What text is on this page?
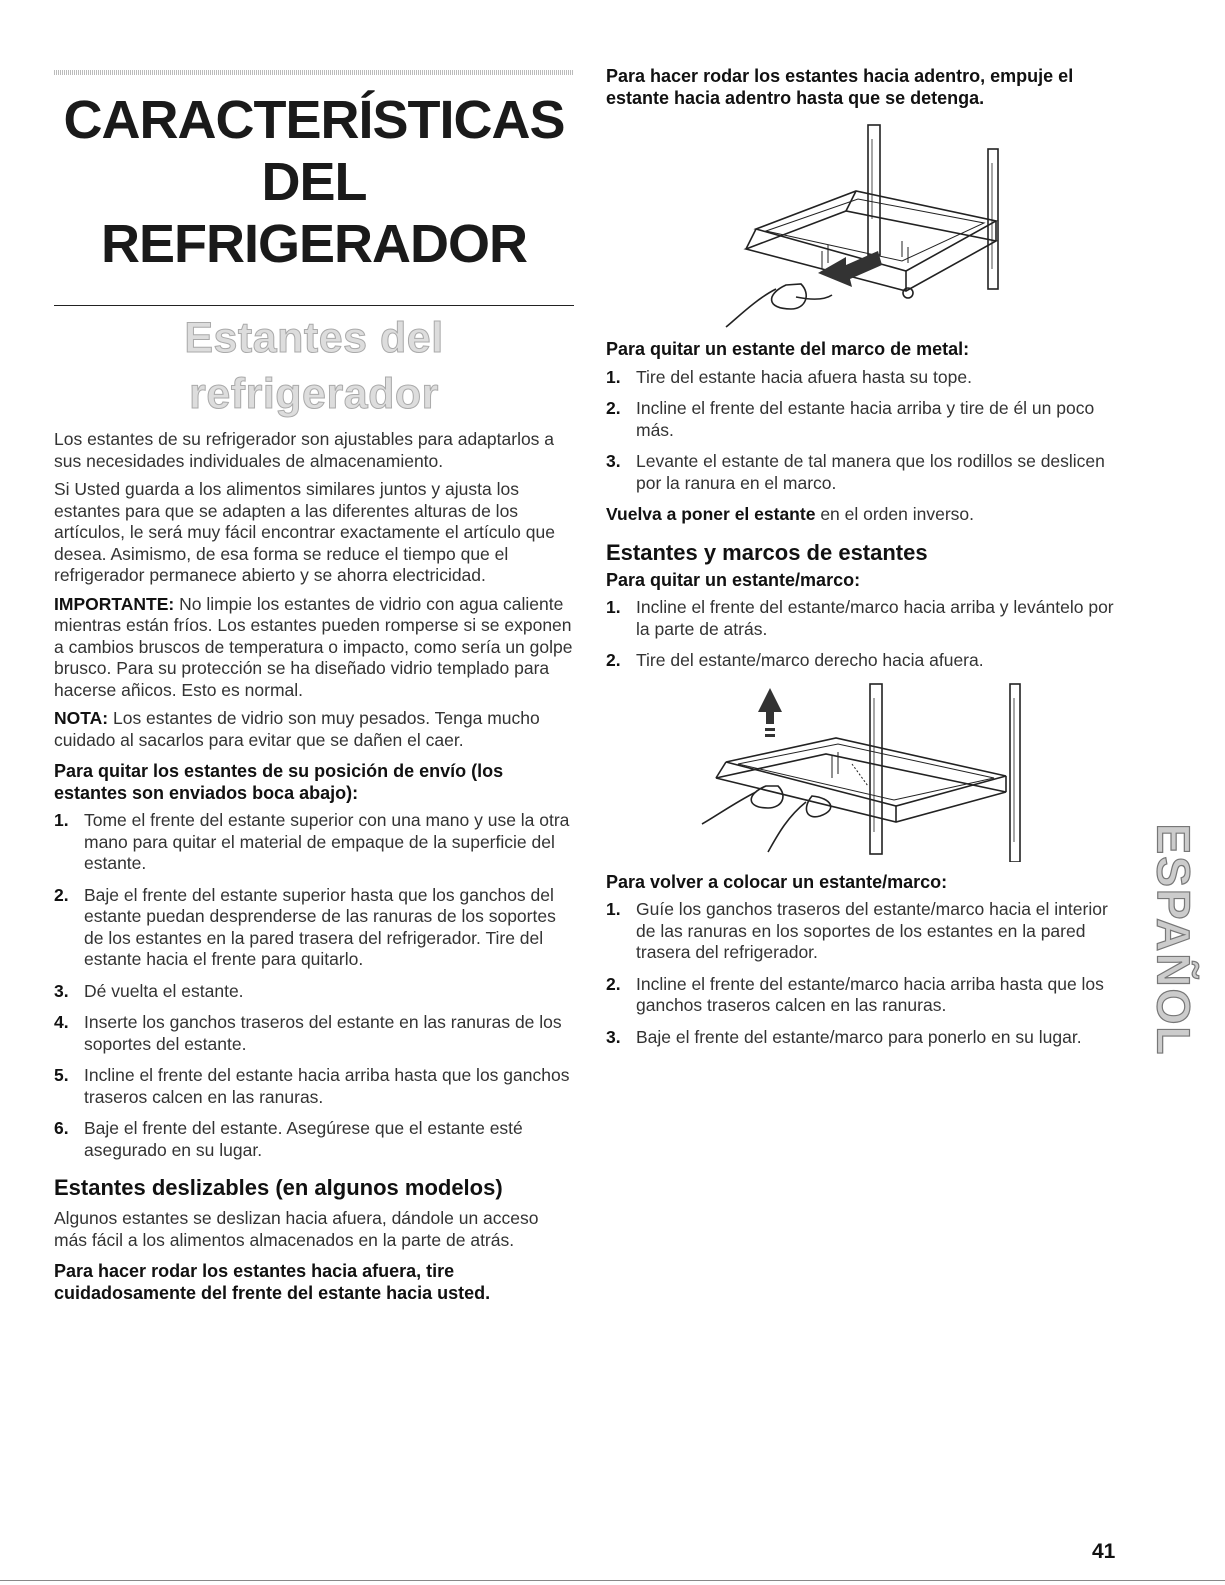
CARACTERÍSTICAS
DEL REFRIGERADOR
Estantes del refrigerador

Los estantes de su refrigerador son ajustables para adaptarlos a sus necesidades individuales de almacenamiento.

Si Usted guarda a los alimentos similares juntos y ajusta los estantes para que se adapten a las diferentes alturas de los artículos, le será muy fácil encontrar exactamente el artículo que desea. Asimismo, de esa forma se reduce el tiempo que el refrigerador permanece abierto y se ahorra electricidad.

IMPORTANTE: No limpie los estantes de vidrio con agua caliente mientras están fríos. Los estantes pueden romperse si se exponen a cambios bruscos de temperatura o impacto, como sería un golpe brusco. Para su protección se ha diseñado vidrio templado para hacerse añicos. Esto es normal.

NOTA: Los estantes de vidrio son muy pesados. Tenga mucho cuidado al sacarlos para evitar que se dañen el caer.

Para quitar los estantes de su posición de envío (los estantes son enviados boca abajo):

1. Tome el frente del estante superior con una mano y use la otra mano para quitar el material de empaque de la superficie del estante.
2. Baje el frente del estante superior hasta que los ganchos del estante puedan desprenderse de las ranuras de los soportes de los estantes en la pared trasera del refrigerador. Tire del estante hacia el frente para quitarlo.
3. Dé vuelta el estante.
4. Inserte los ganchos traseros del estante en las ranuras de los soportes del estante.
5. Incline el frente del estante hacia arriba hasta que los ganchos traseros calcen en las ranuras.
6. Baje el frente del estante. Asegúrese que el estante esté asegurado en su lugar.
Estantes deslizables (en algunos modelos)

Algunos estantes se deslizan hacia afuera, dándole un acceso más fácil a los alimentos almacenados en la parte de atrás.

Para hacer rodar los estantes hacia afuera, tire cuidadosamente del frente del estante hacia usted.

Para hacer rodar los estantes hacia adentro, empuje el estante hacia adentro hasta que se detenga.

Para quitar un estante del marco de metal:

1. Tire del estante hacia afuera hasta su tope.
2. Incline el frente del estante hacia arriba y tire de él un poco más.
3. Levante el estante de tal manera que los rodillos se deslicen por la ranura en el marco.

Vuelva a poner el estante en el orden inverso.

Estantes y marcos de estantes

Para quitar un estante/marco:

1. Incline el frente del estante/marco hacia arriba y levántelo por la parte de atrás.
2. Tire del estante/marco derecho hacia afuera.

Para volver a colocar un estante/marco:

1. Guíe los ganchos traseros del estante/marco hacia el interior de las ranuras en los soportes de los estantes en la pared trasera del refrigerador.
2. Incline el frente del estante/marco hacia arriba hasta que los ganchos traseros calcen en las ranuras.
3. Baje el frente del estante/marco para ponerlo en su lugar.	ESPAÑOL
41
